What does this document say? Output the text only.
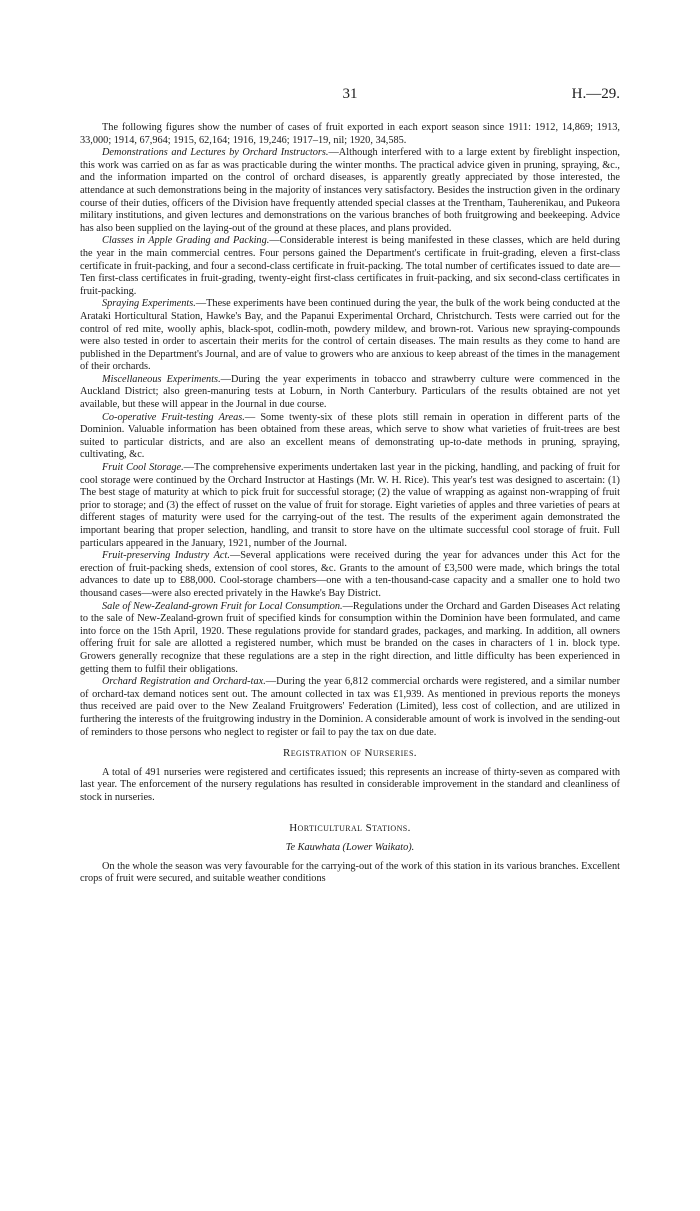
31	H.—29.

The following figures show the number of cases of fruit exported in each export season since 1911: 1912, 14,869; 1913, 33,000; 1914, 67,964; 1915, 62,164; 1916, 19,246; 1917–19, nil; 1920, 34,585.

Demonstrations and Lectures by Orchard Instructors.—Although interfered with to a large extent by fireblight inspection, this work was carried on as far as was practicable during the winter months. The practical advice given in pruning, spraying, &c., and the information imparted on the control of orchard diseases, is apparently greatly appreciated by those interested, the attendance at such demonstrations being in the majority of instances very satisfactory. Besides the instruction given in the ordinary course of their duties, officers of the Division have frequently attended special classes at the Trentham, Tauherenikau, and Pukeora military institutions, and given lectures and demonstrations on the various branches of both fruitgrowing and beekeeping. Advice has also been supplied on the laying-out of the ground at these places, and plans provided.

Classes in Apple Grading and Packing.—Considerable interest is being manifested in these classes, which are held during the year in the main commercial centres. Four persons gained the Department's certificate in fruit-grading, eleven a first-class certificate in fruit-packing, and four a second-class certificate in fruit-packing. The total number of certificates issued to date are—Ten first-class certificates in fruit-grading, twenty-eight first-class certificates in fruit-packing, and six second-class certificates in fruit-packing.

Spraying Experiments.—These experiments have been continued during the year, the bulk of the work being conducted at the Arataki Horticultural Station, Hawke's Bay, and the Papanui Experimental Orchard, Christchurch. Tests were carried out for the control of red mite, woolly aphis, black-spot, codlin-moth, powdery mildew, and brown-rot. Various new spraying-compounds were also tested in order to ascertain their merits for the control of certain diseases. The main results as they come to hand are published in the Department's Journal, and are of value to growers who are anxious to keep abreast of the times in the management of their orchards.

Miscellaneous Experiments.—During the year experiments in tobacco and strawberry culture were commenced in the Auckland District; also green-manuring tests at Loburn, in North Canterbury. Particulars of the results obtained are not yet available, but these will appear in the Journal in due course.

Co-operative Fruit-testing Areas.— Some twenty-six of these plots still remain in operation in different parts of the Dominion. Valuable information has been obtained from these areas, which serve to show what varieties of fruit-trees are best suited to particular districts, and are also an excellent means of demonstrating up-to-date methods in pruning, spraying, cultivating, &c.

Fruit Cool Storage.—The comprehensive experiments undertaken last year in the picking, handling, and packing of fruit for cool storage were continued by the Orchard Instructor at Hastings (Mr. W. H. Rice). This year's test was designed to ascertain: (1) The best stage of maturity at which to pick fruit for successful storage; (2) the value of wrapping as against non-wrapping of fruit prior to storage; and (3) the effect of russet on the value of fruit for storage. Eight varieties of apples and three varieties of pears at different stages of maturity were used for the carrying-out of the test. The results of the experiment again demonstrated the important bearing that proper selection, handling, and transit to store have on the ultimate successful cool storage of fruit. Full particulars appeared in the January, 1921, number of the Journal.

Fruit-preserving Industry Act.—Several applications were received during the year for advances under this Act for the erection of fruit-packing sheds, extension of cool stores, &c. Grants to the amount of £3,500 were made, which brings the total advances to date up to £88,000. Cool-storage chambers—one with a ten-thousand-case capacity and a smaller one to hold two thousand cases—were also erected privately in the Hawke's Bay District.

Sale of New-Zealand-grown Fruit for Local Consumption.—Regulations under the Orchard and Garden Diseases Act relating to the sale of New-Zealand-grown fruit of specified kinds for consumption within the Dominion have been formulated, and came into force on the 15th April, 1920. These regulations provide for standard grades, packages, and marking. In addition, all owners offering fruit for sale are allotted a registered number, which must be branded on the cases in characters of 1 in. block type. Growers generally recognize that these regulations are a step in the right direction, and little difficulty has been experienced in getting them to fulfil their obligations.

Orchard Registration and Orchard-tax.—During the year 6,812 commercial orchards were registered, and a similar number of orchard-tax demand notices sent out. The amount collected in tax was £1,939. As mentioned in previous reports the moneys thus received are paid over to the New Zealand Fruitgrowers' Federation (Limited), less cost of collection, and are utilized in furthering the interests of the fruitgrowing industry in the Dominion. A considerable amount of work is involved in the sending-out of reminders to those persons who neglect to register or fail to pay the tax on due date.

Registration of Nurseries.

A total of 491 nurseries were registered and certificates issued; this represents an increase of thirty-seven as compared with last year. The enforcement of the nursery regulations has resulted in considerable improvement in the standard and cleanliness of stock in nurseries.

Horticultural Stations.
Te Kauwhata (Lower Waikato).

On the whole the season was very favourable for the carrying-out of the work of this station in its various branches. Excellent crops of fruit were secured, and suitable weather conditions
